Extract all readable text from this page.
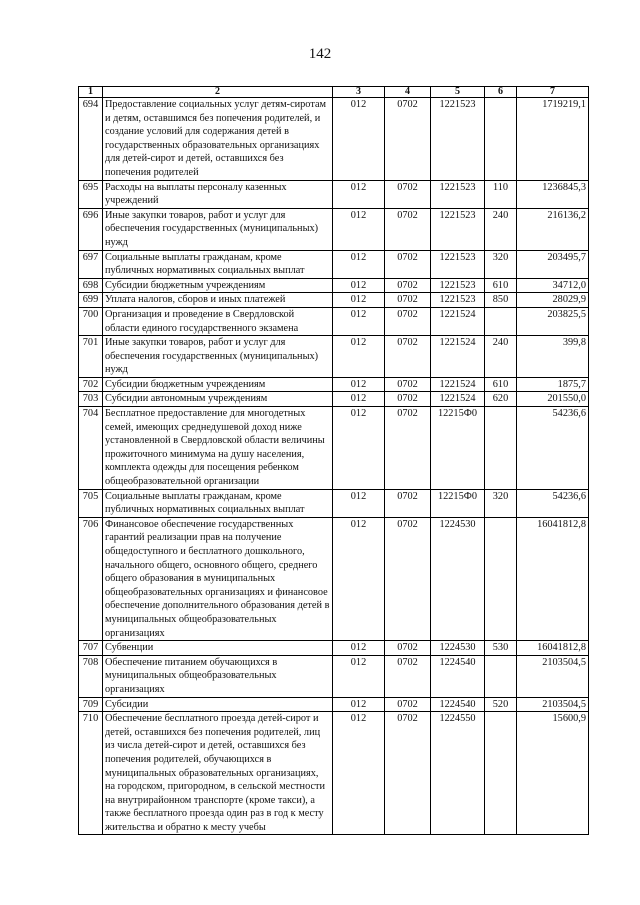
142
1	2	3	4	5	6	7
694	Предоставление социальных услуг детям-сиротам и детям, оставшимся без попечения родителей, и создание условий для содержания детей в государственных образовательных организациях для детей-сирот и детей, оставшихся без попечения родителей	012	0702	1221523		1719219,1
695	Расходы на выплаты персоналу казенных учреждений	012	0702	1221523	110	1236845,3
696	Иные закупки товаров, работ и услуг для обеспечения государственных (муниципальных) нужд	012	0702	1221523	240	216136,2
697	Социальные выплаты гражданам, кроме публичных нормативных социальных выплат	012	0702	1221523	320	203495,7
698	Субсидии бюджетным учреждениям	012	0702	1221523	610	34712,0
699	Уплата налогов, сборов и иных платежей	012	0702	1221523	850	28029,9
700	Организация и проведение в Свердловской области единого государственного экзамена	012	0702	1221524		203825,5
701	Иные закупки товаров, работ и услуг для обеспечения государственных (муниципальных) нужд	012	0702	1221524	240	399,8
702	Субсидии бюджетным учреждениям	012	0702	1221524	610	1875,7
703	Субсидии автономным учреждениям	012	0702	1221524	620	201550,0
704	Бесплатное предоставление для многодетных семей, имеющих среднедушевой доход ниже установленной в Свердловской области величины прожиточного минимума на душу населения, комплекта одежды для посещения ребенком общеобразовательной организации	012	0702	12215Ф0		54236,6
705	Социальные выплаты гражданам, кроме публичных нормативных социальных выплат	012	0702	12215Ф0	320	54236,6
706	Финансовое обеспечение государственных гарантий реализации прав на получение общедоступного и бесплатного дошкольного, начального общего, основного общего, среднего общего образования в муниципальных общеобразовательных организациях и финансовое обеспечение дополнительного образования детей в муниципальных общеобразовательных организациях	012	0702	1224530		16041812,8
707	Субвенции	012	0702	1224530	530	16041812,8
708	Обеспечение питанием обучающихся в муниципальных общеобразовательных организациях	012	0702	1224540		2103504,5
709	Субсидии	012	0702	1224540	520	2103504,5
710	Обеспечение бесплатного проезда детей-сирот и детей, оставшихся без попечения родителей, лиц из числа детей-сирот и детей, оставшихся без попечения родителей, обучающихся в муниципальных образовательных организациях, на городском, пригородном, в сельской местности на внутрирайонном транспорте (кроме такси), а также бесплатного проезда один раз в год к месту жительства и обратно к месту учебы	012	0702	1224550		15600,9
